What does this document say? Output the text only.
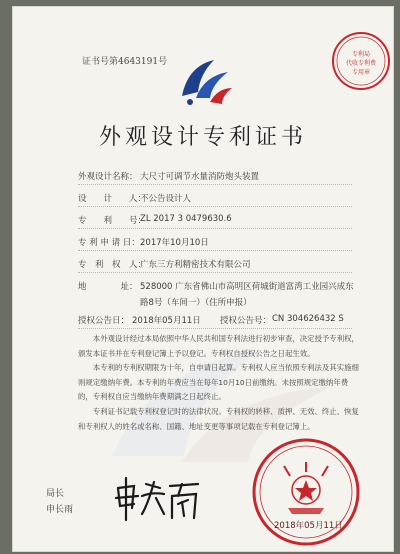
专利局
代收专利费
专用章
证书号第4643191号
外观设计专利证书
外观设计名称： 大尺寸可调节水量消防炮头装置
设　　计　　人：
不公告设计人
专　　利　　号：
ZL 2017 3 0479630.6
专 利 申 请 日： 2017年10月10日
专　利　权　人：
广东三方利精密技术有限公司
地　　　　址： 528000 广东省佛山市高明区荷城街道富湾工业园兴成东
路8号（车间一）（住所申报）
授权公告日： 2018年05月11日 授权公告号： CN 304626432 S
本外观设计经过本局依照中华人民共和国专利法进行初步审查，决定授予专利权，颁发本证书并在专利登记簿上予以登记。专利权自授权公告之日起生效。
本专利的专利权期限为十年，自申请日起算。专利权人应当依照专利法及其实施细则规定缴纳年费。本专利的年费应当在每年10月10日前缴纳。未按照规定缴纳年费的，专利权自应当缴纳年费期满之日起终止。
专利证书记载专利权登记时的法律状况。专利权的转移、质押、无效、终止、恢复和专利权人的姓名或名称、国籍、地址变更等事项记载在专利登记簿上。
局长
申长雨
2018年05月11日
